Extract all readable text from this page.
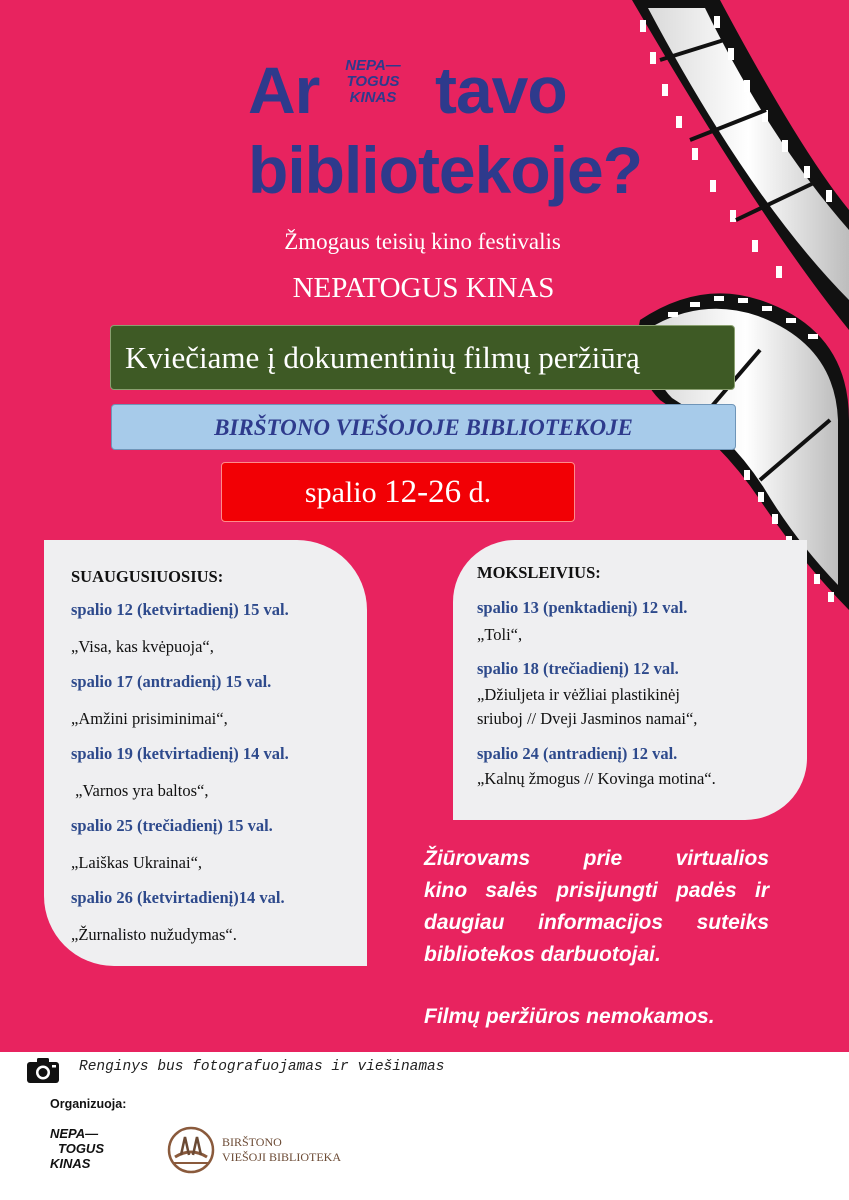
Ar	NEPA—
TOGUS
KINAS tavo
bibliotekoje?
Žmogaus teisių kino festivalis
NEPATOGUS KINAS
Kviečiame į dokumentinių filmų peržiūrą
BIRŠTONO VIEŠOJOJE BIBLIOTEKOJE
spalio 12-26 d.
SUAUGUSIUOSIUS:
spalio 12 (ketvirtadienį) 15 val.
„Visa, kas kvėpuoja“,
spalio 17 (antradienį) 15 val.
„Amžini prisiminimai“,
spalio 19 (ketvirtadienį) 14 val.
„Varnos yra baltos“,
spalio 25 (trečiadienį) 15 val.
„Laiškas Ukrainai“,
spalio 26 (ketvirtadienį)14 val.
„Žurnalisto nužudymas“.
MOKSLEIVIUS:
spalio 13 (penktadienį) 12 val.
„Toli“,
spalio 18 (trečiadienį) 12 val.
„Džiuljeta ir vėžliai plastikinėj
sriuboj // Dveji Jasminos namai“,
spalio 24 (antradienį) 12 val.
„Kalnų žmogus // Kovinga motina“.
Žiūrovams prie virtualios
kino salės prisijungti padės ir
daugiau informacijos suteiks
bibliotekos darbuotojai.
Filmų peržiūros nemokamos.
Renginys bus fotografuojamas ir viešinamas
Organizuoja:
NEPA—
TOGUS
KINAS
BIRŠTONO
VIEŠOJI BIBLIOTEKA
